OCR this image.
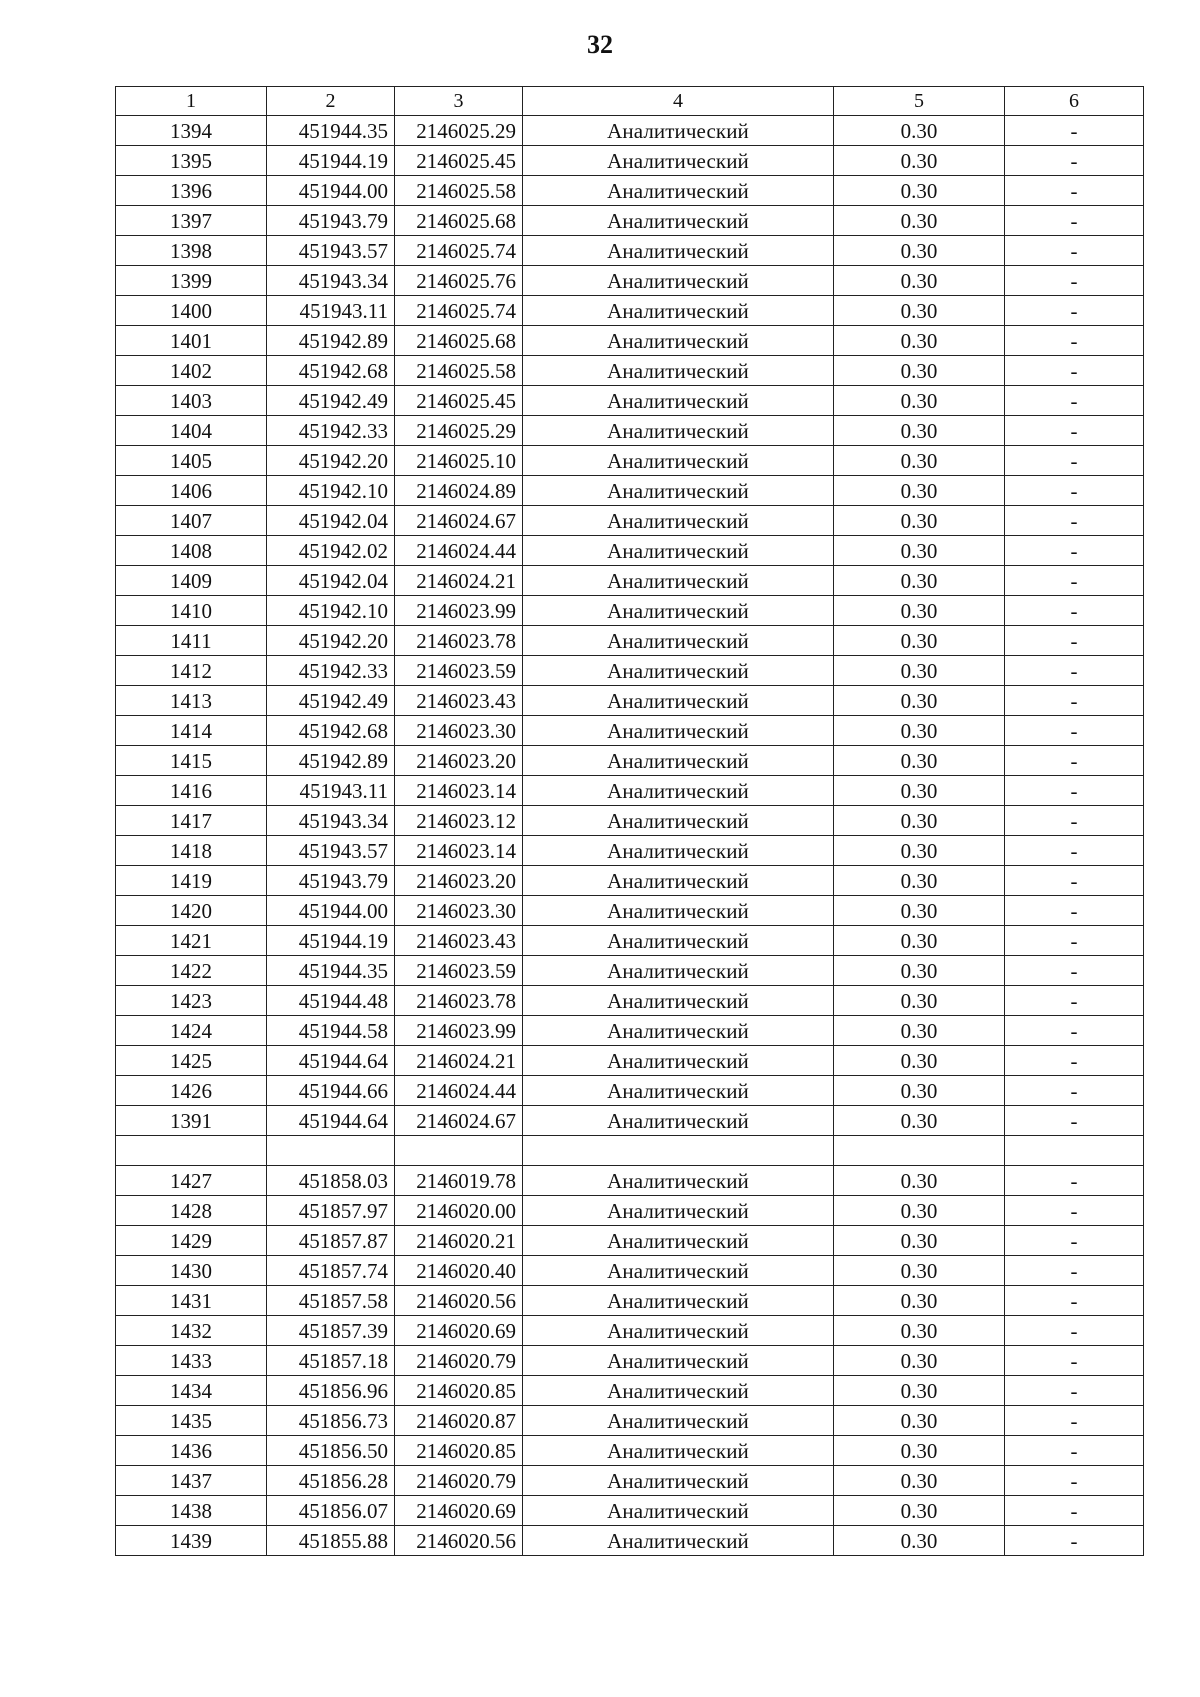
32
1	2	3	4	5	6
1394	451944.35	2146025.29	Аналитический	0.30	-
1395	451944.19	2146025.45	Аналитический	0.30	-
1396	451944.00	2146025.58	Аналитический	0.30	-
1397	451943.79	2146025.68	Аналитический	0.30	-
1398	451943.57	2146025.74	Аналитический	0.30	-
1399	451943.34	2146025.76	Аналитический	0.30	-
1400	451943.11	2146025.74	Аналитический	0.30	-
1401	451942.89	2146025.68	Аналитический	0.30	-
1402	451942.68	2146025.58	Аналитический	0.30	-
1403	451942.49	2146025.45	Аналитический	0.30	-
1404	451942.33	2146025.29	Аналитический	0.30	-
1405	451942.20	2146025.10	Аналитический	0.30	-
1406	451942.10	2146024.89	Аналитический	0.30	-
1407	451942.04	2146024.67	Аналитический	0.30	-
1408	451942.02	2146024.44	Аналитический	0.30	-
1409	451942.04	2146024.21	Аналитический	0.30	-
1410	451942.10	2146023.99	Аналитический	0.30	-
1411	451942.20	2146023.78	Аналитический	0.30	-
1412	451942.33	2146023.59	Аналитический	0.30	-
1413	451942.49	2146023.43	Аналитический	0.30	-
1414	451942.68	2146023.30	Аналитический	0.30	-
1415	451942.89	2146023.20	Аналитический	0.30	-
1416	451943.11	2146023.14	Аналитический	0.30	-
1417	451943.34	2146023.12	Аналитический	0.30	-
1418	451943.57	2146023.14	Аналитический	0.30	-
1419	451943.79	2146023.20	Аналитический	0.30	-
1420	451944.00	2146023.30	Аналитический	0.30	-
1421	451944.19	2146023.43	Аналитический	0.30	-
1422	451944.35	2146023.59	Аналитический	0.30	-
1423	451944.48	2146023.78	Аналитический	0.30	-
1424	451944.58	2146023.99	Аналитический	0.30	-
1425	451944.64	2146024.21	Аналитический	0.30	-
1426	451944.66	2146024.44	Аналитический	0.30	-
1391	451944.64	2146024.67	Аналитический	0.30	-

1427	451858.03	2146019.78	Аналитический	0.30	-
1428	451857.97	2146020.00	Аналитический	0.30	-
1429	451857.87	2146020.21	Аналитический	0.30	-
1430	451857.74	2146020.40	Аналитический	0.30	-
1431	451857.58	2146020.56	Аналитический	0.30	-
1432	451857.39	2146020.69	Аналитический	0.30	-
1433	451857.18	2146020.79	Аналитический	0.30	-
1434	451856.96	2146020.85	Аналитический	0.30	-
1435	451856.73	2146020.87	Аналитический	0.30	-
1436	451856.50	2146020.85	Аналитический	0.30	-
1437	451856.28	2146020.79	Аналитический	0.30	-
1438	451856.07	2146020.69	Аналитический	0.30	-
1439	451855.88	2146020.56	Аналитический	0.30	-
